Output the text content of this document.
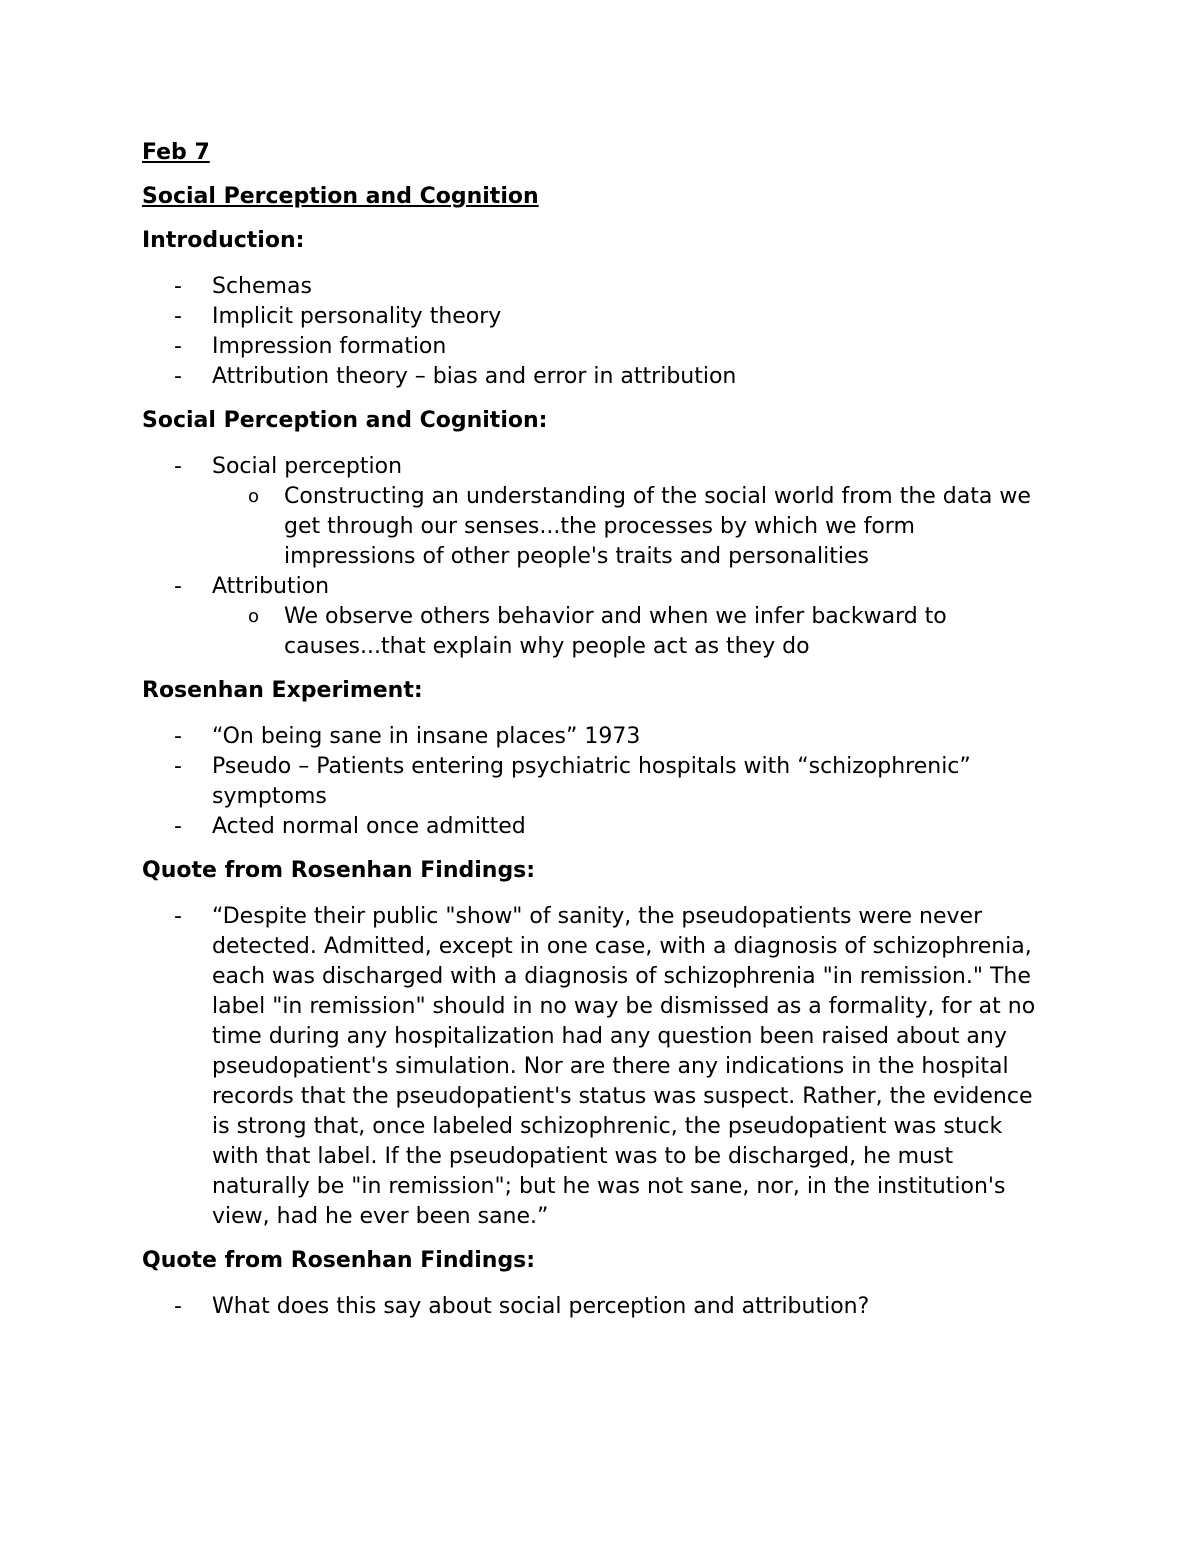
Feb 7

Social Perception and Cognition

Introduction:

- Schemas
- Implicit personality theory
- Impression formation
- Attribution theory – bias and error in attribution

Social Perception and Cognition:

- Social perception
o Constructing an understanding of the social world from the data we get through our senses...the processes by which we form impressions of other people's traits and personalities
- Attribution
o We observe others behavior and when we infer backward to causes...that explain why people act as they do

Rosenhan Experiment:

- “On being sane in insane places” 1973
- Pseudo – Patients entering psychiatric hospitals with “schizophrenic” symptoms
- Acted normal once admitted

Quote from Rosenhan Findings:

- “Despite their public "show" of sanity, the pseudopatients were never detected. Admitted, except in one case, with a diagnosis of schizophrenia, each was discharged with a diagnosis of schizophrenia "in remission." The label "in remission" should in no way be dismissed as a formality, for at no time during any hospitalization had any question been raised about any pseudopatient's simulation. Nor are there any indications in the hospital records that the pseudopatient's status was suspect. Rather, the evidence is strong that, once labeled schizophrenic, the pseudopatient was stuck with that label. If the pseudopatient was to be discharged, he must naturally be "in remission"; but he was not sane, nor, in the institution's view, had he ever been sane.”

Quote from Rosenhan Findings:

- What does this say about social perception and attribution?
